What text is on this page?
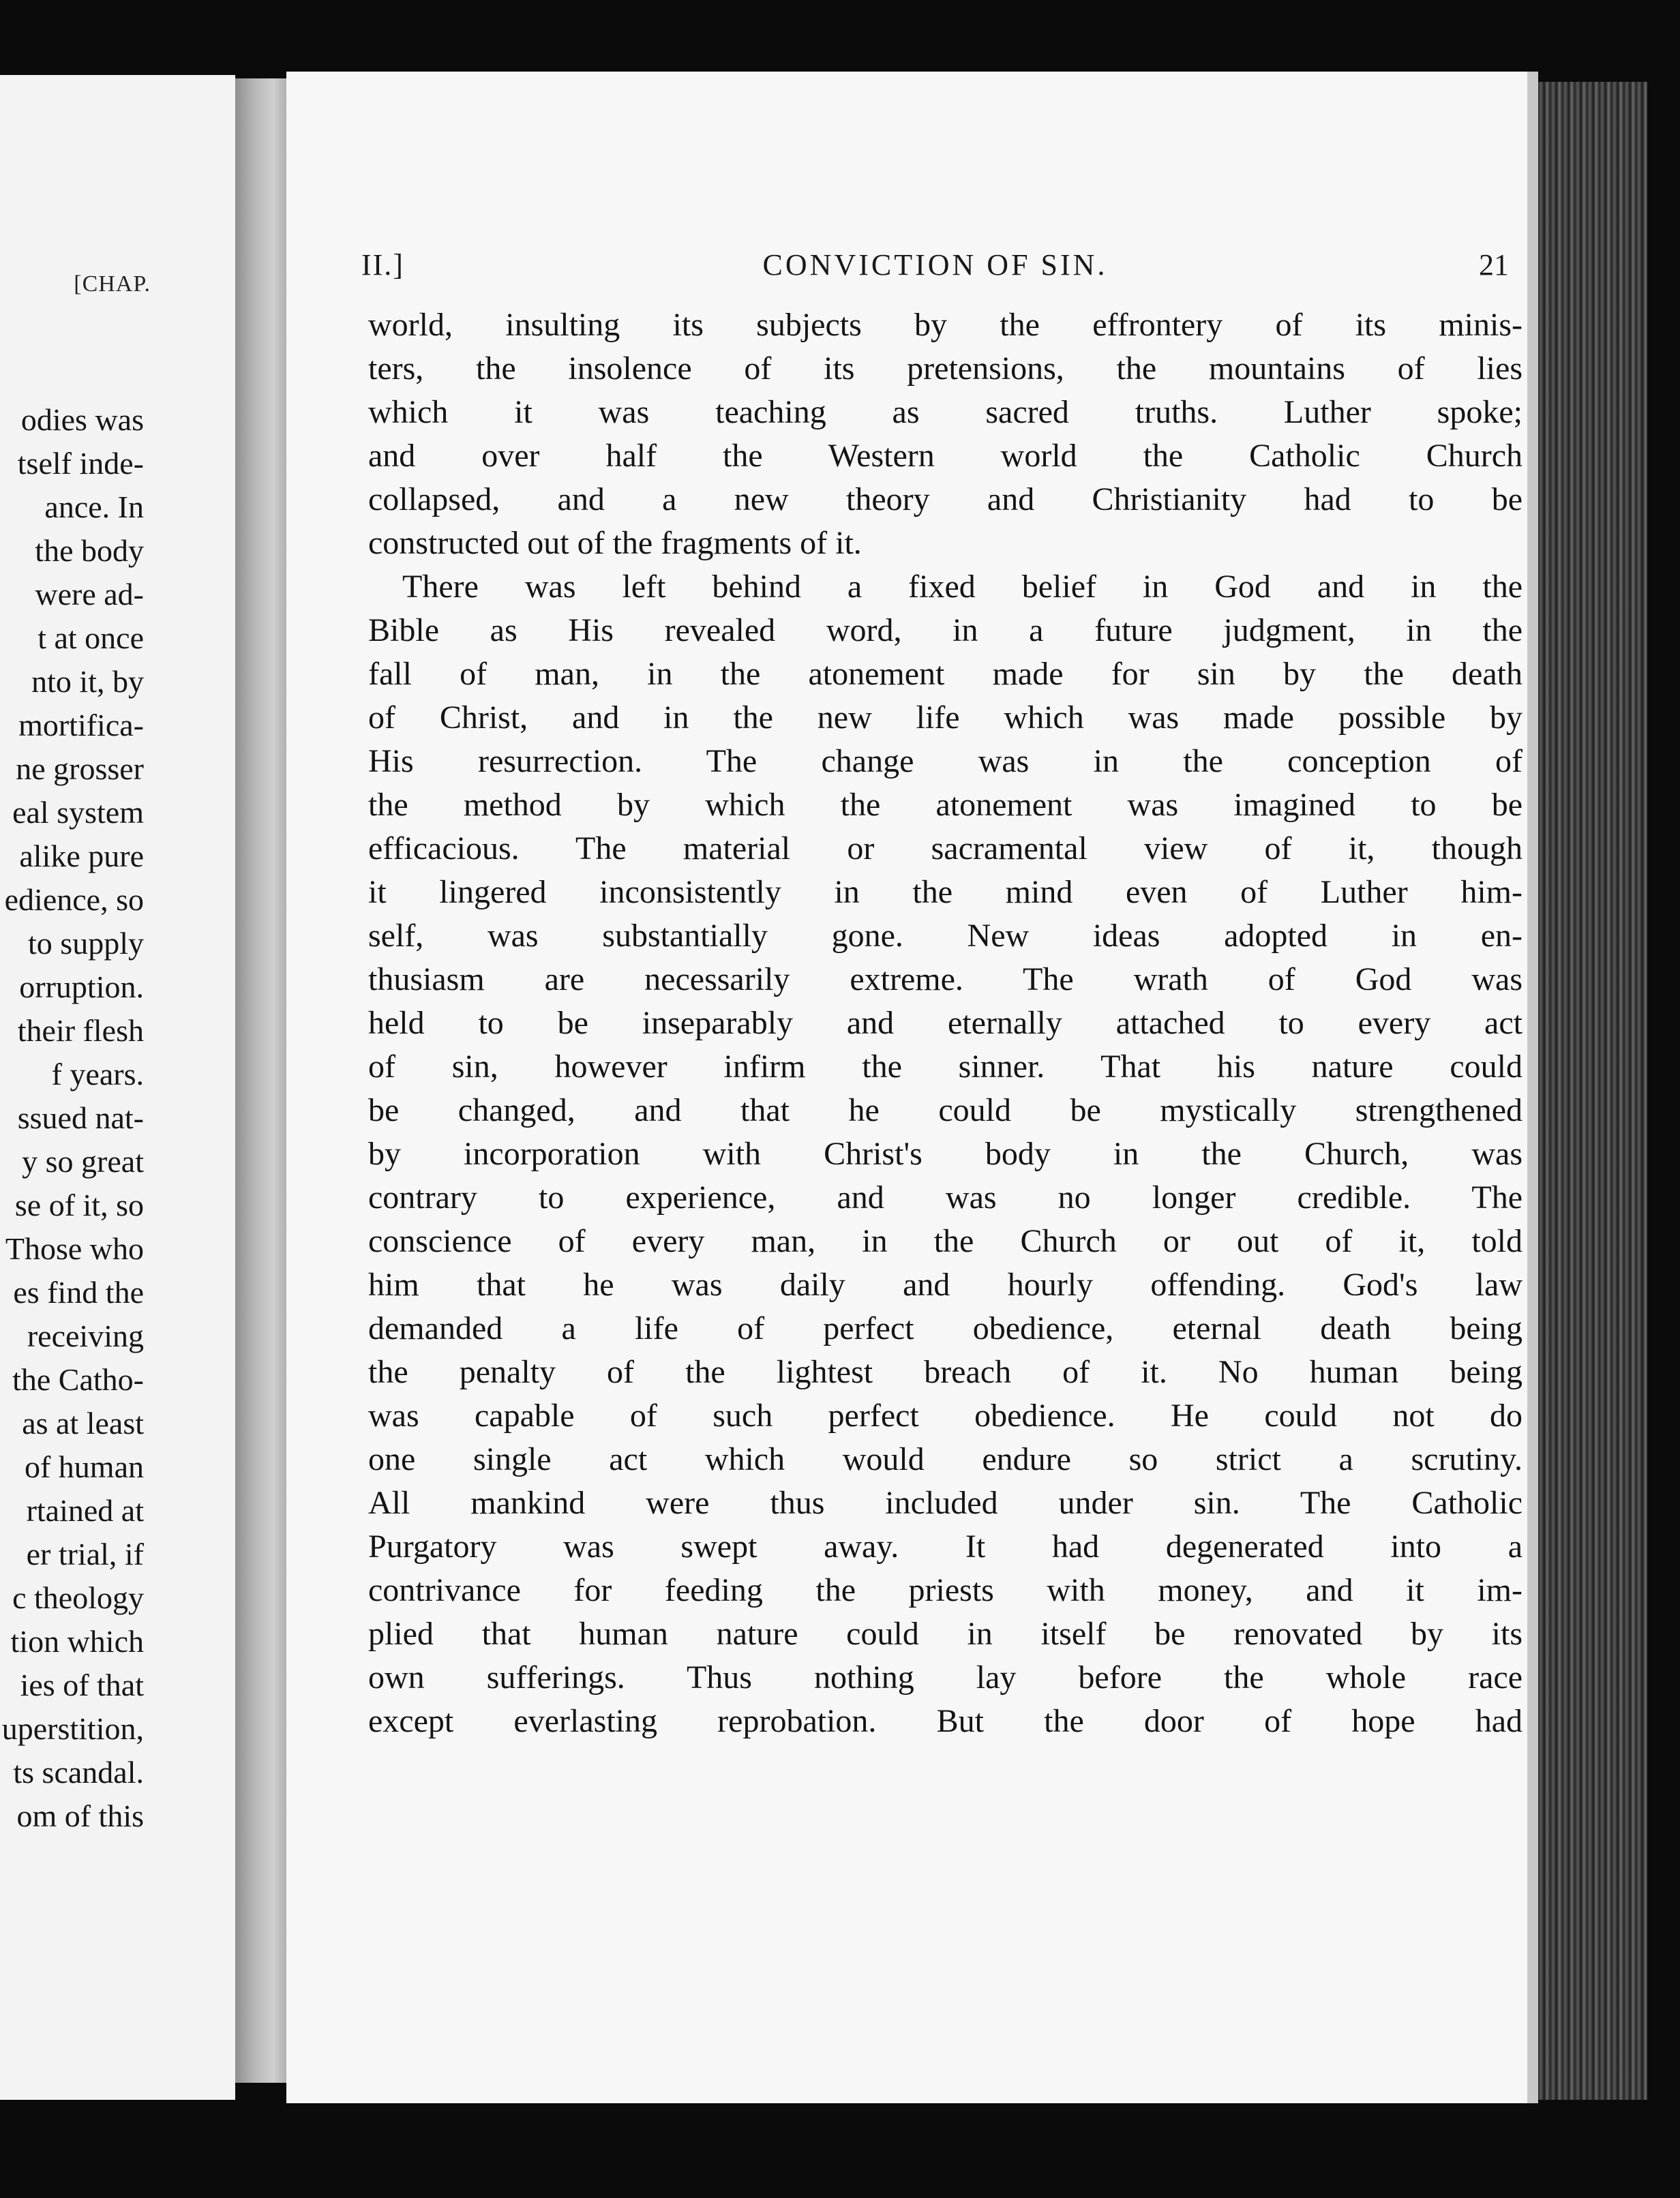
[CHAP.
odies was
tself inde-
ance. In
the body
were ad-
t at once
nto it, by
mortifica-
ne grosser
eal system
alike pure
edience, so
to supply
orruption.
their flesh
f years.
ssued nat-
y so great
se of it, so
Those who
es find the
receiving
the Catho-
as at least
of human
rtained at
er trial, if
c theology
tion which
ies of that
uperstition,
ts scandal.
om of this
II.]	CONVICTION OF SIN.	21
world, insulting its subjects by the effrontery of its minis-
ters, the insolence of its pretensions, the mountains of lies
which it was teaching as sacred truths. Luther spoke;
and over half the Western world the Catholic Church
collapsed, and a new theory and Christianity had to be
constructed out of the fragments of it.
There was left behind a fixed belief in God and in the
Bible as His revealed word, in a future judgment, in the
fall of man, in the atonement made for sin by the death
of Christ, and in the new life which was made possible by
His resurrection. The change was in the conception of
the method by which the atonement was imagined to be
efficacious. The material or sacramental view of it, though
it lingered inconsistently in the mind even of Luther him-
self, was substantially gone. New ideas adopted in en-
thusiasm are necessarily extreme. The wrath of God was
held to be inseparably and eternally attached to every act
of sin, however infirm the sinner. That his nature could
be changed, and that he could be mystically strengthened
by incorporation with Christ's body in the Church, was
contrary to experience, and was no longer credible. The
conscience of every man, in the Church or out of it, told
him that he was daily and hourly offending. God's law
demanded a life of perfect obedience, eternal death being
the penalty of the lightest breach of it. No human being
was capable of such perfect obedience. He could not do
one single act which would endure so strict a scrutiny.
All mankind were thus included under sin. The Catholic
Purgatory was swept away. It had degenerated into a
contrivance for feeding the priests with money, and it im-
plied that human nature could in itself be renovated by its
own sufferings. Thus nothing lay before the whole race
except everlasting reprobation. But the door of hope had
